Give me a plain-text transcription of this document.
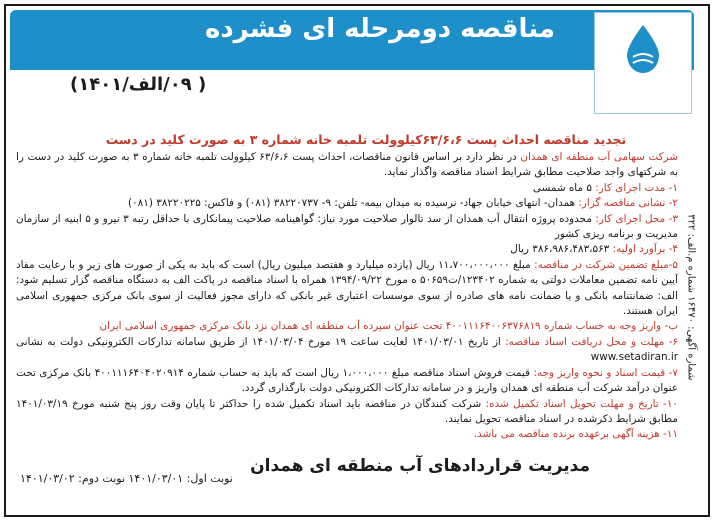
مناقصه دومرحله ای فشرده
( ۰۹/الف/۱۴۰۱)
شماره آگهی: ۱۶۴۷۰ شماره م.الف: ۳۲۲
تجدید مناقصه احداث پست ۶۳/۶،۶کیلوولت تلمبه خانه شماره ۳ به صورت کلید در دست

شرکت سهامی آب منطقه ای همدان در نظر دارد بر اساس قانون مناقصات، احداث پست ۶۳/۶،۶ کیلوولت تلمبه خانه شماره ۳ به صورت کلید در دست را به شرکتهای واجد صلاحیت مطابق شرایط اسناد مناقصه واگذار نماید.

۱- مدت اجرای کار: ۵ ماه شمسی

۲- نشانی مناقصه گزار: همدان- انتهای خیابان جهاد- نرسیده به میدان بیمه- تلفن: ۹- ۳۸۲۲۰۷۳۷ (۰۸۱) و فاکس: ۳۸۲۲۰۲۲۵ (۰۸۱)

۳- محل اجرای کار: محدوده پروژه انتقال آب همدان از سد تالوار صلاحیت مورد نیاز: گواهینامه صلاحیت پیمانکاری با حداقل رتبه ۳ نیرو و ۵ ابنیه از سازمان مدیریت و برنامه ریزی کشور

۴- برآورد اولیه: ۳۸۶،۹۸۶،۴۸۳،۵۶۳ ریال

۵-مبلغ تضمین شرکت در مناقصه: مبلغ ۱۱،۷۰۰،۰۰۰،۰۰۰ ریال (یازده میلیارد و هفتصد میلیون ریال) است که باید به یکی از صورت های زیر و با رعایت مفاد آیین نامه تضمین معاملات دولتی به شماره ۱۲۳۴۰۲/ت۵۰۶۵۹ ه مورخ ۱۳۹۴/۰۹/۲۲ همراه با اسناد مناقصه در پاکت الف به دستگاه مناقصه گزار تسلیم شود: الف: ضمانتنامه بانکی و یا ضمانت نامه های صادره از سوی موسسات اعتباری غیر بانکی که دارای مجوز فعالیت از سوی بانک مرکزی جمهوری اسلامی ایران هستند.

ب- واریز وجه به حساب شماره ۴۰۰۱۱۱۶۴۰۰۶۳۷۶۸۱۹ تحت عنوان سپرده آب منطقه ای همدان نزد بانک مرکزی جمهوری اسلامی ایران

۶- مهلت و محل دریافت اسناد مناقصه: از تاریخ ۱۴۰۱/۰۳/۰۱ لغایت ساعت ۱۹ مورخ ۱۴۰۱/۰۳/۰۴ از طریق سامانه تدارکات الکترونیکی دولت به نشانی www.setadiran.ir

۷- قیمت اسناد و نحوه واریز وجه: قیمت فروش اسناد مناقصه مبلغ ۱،۰۰۰،۰۰۰ ریال است که باید به حساب شماره ۴۰۰۱۱۱۶۴۰۴۰۲۰۹۱۴ بانک مرکزی تحت عنوان درآمد شرکت آب منطقه ای همدان واریز و در سامانه تدارکات الکترونیکی دولت بارگذاری گردد.

۱۰- تاریخ و مهلت تحویل اسناد تکمیل شده: شرکت کنندگان در مناقصه باید اسناد تکمیل شده را حداکثر تا پایان وقت روز پنج شنبه مورخ ۱۴۰۱/۰۳/۱۹ مطابق شرایط ذکرشده در اسناد مناقصه تحویل نمایند.

۱۱- هزینه آگهی برعهده برنده مناقصه می باشد.

مدیریت قراردادهای آب منطقه ای همدان
نوبت اول: ۱۴۰۱/۰۳/۰۱ نوبت دوم: ۱۴۰۱/۰۳/۰۲
